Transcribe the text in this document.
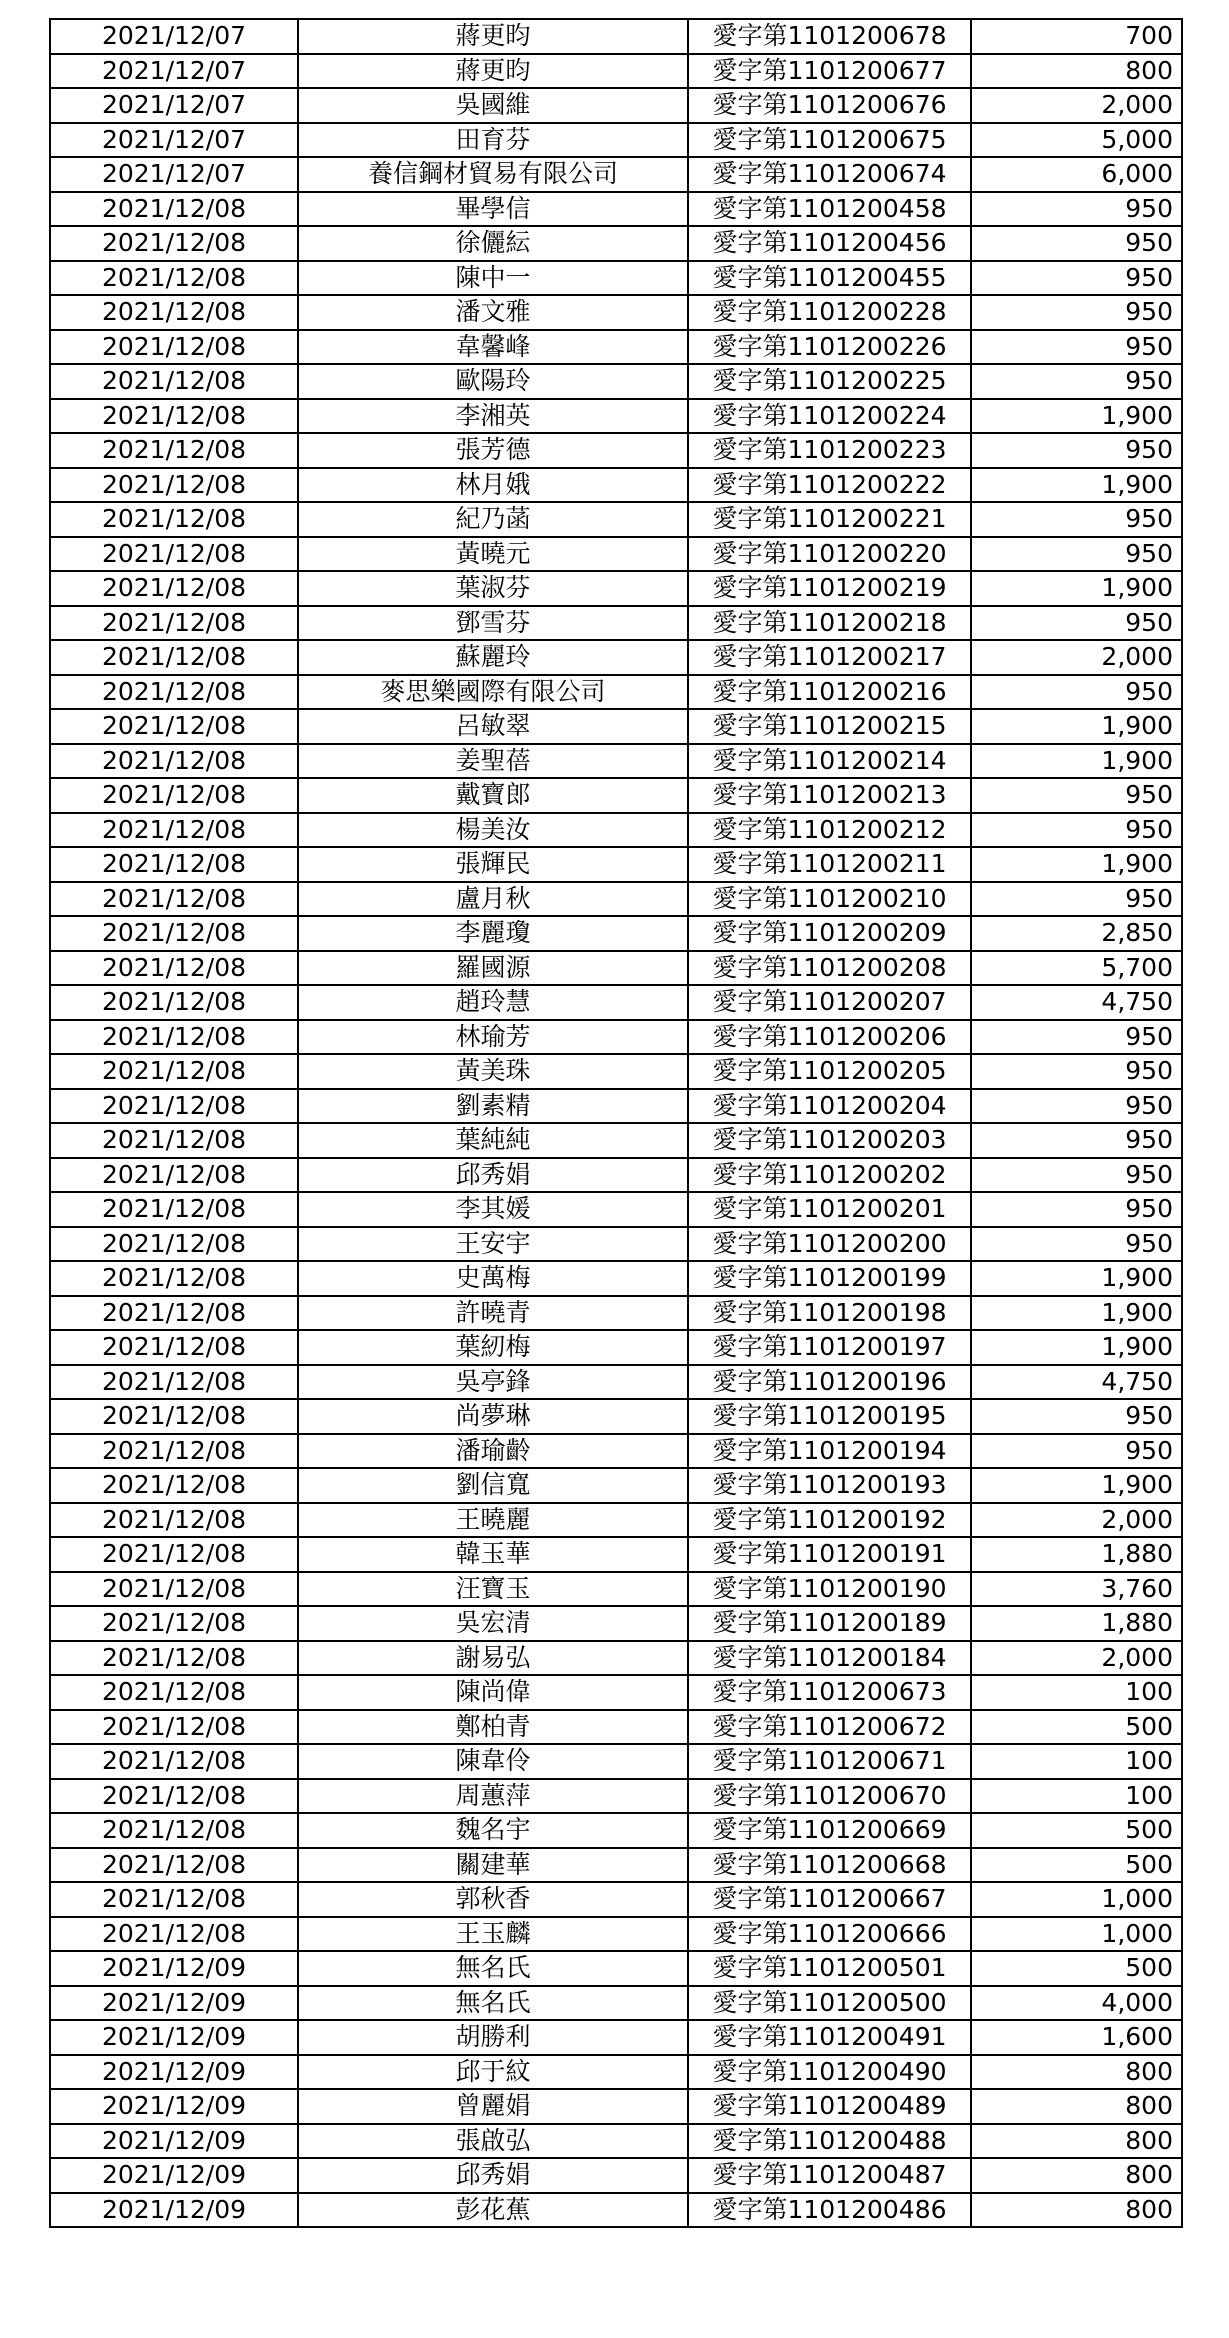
2021/12/07	蔣更昀	愛字第1101200678	700
2021/12/07	蔣更昀	愛字第1101200677	800
2021/12/07	吳國維	愛字第1101200676	2,000
2021/12/07	田育芬	愛字第1101200675	5,000
2021/12/07	養信鋼材貿易有限公司	愛字第1101200674	6,000
2021/12/08	畢學信	愛字第1101200458	950
2021/12/08	徐儷紜	愛字第1101200456	950
2021/12/08	陳中一	愛字第1101200455	950
2021/12/08	潘文雅	愛字第1101200228	950
2021/12/08	韋馨峰	愛字第1101200226	950
2021/12/08	歐陽玲	愛字第1101200225	950
2021/12/08	李湘英	愛字第1101200224	1,900
2021/12/08	張芳德	愛字第1101200223	950
2021/12/08	林月娥	愛字第1101200222	1,900
2021/12/08	紀乃菡	愛字第1101200221	950
2021/12/08	黃曉元	愛字第1101200220	950
2021/12/08	葉淑芬	愛字第1101200219	1,900
2021/12/08	鄧雪芬	愛字第1101200218	950
2021/12/08	蘇麗玲	愛字第1101200217	2,000
2021/12/08	麥思樂國際有限公司	愛字第1101200216	950
2021/12/08	呂敏翠	愛字第1101200215	1,900
2021/12/08	姜聖蓓	愛字第1101200214	1,900
2021/12/08	戴寶郎	愛字第1101200213	950
2021/12/08	楊美汝	愛字第1101200212	950
2021/12/08	張輝民	愛字第1101200211	1,900
2021/12/08	盧月秋	愛字第1101200210	950
2021/12/08	李麗瓊	愛字第1101200209	2,850
2021/12/08	羅國源	愛字第1101200208	5,700
2021/12/08	趙玲慧	愛字第1101200207	4,750
2021/12/08	林瑜芳	愛字第1101200206	950
2021/12/08	黃美珠	愛字第1101200205	950
2021/12/08	劉素精	愛字第1101200204	950
2021/12/08	葉純純	愛字第1101200203	950
2021/12/08	邱秀娟	愛字第1101200202	950
2021/12/08	李其媛	愛字第1101200201	950
2021/12/08	王安宇	愛字第1101200200	950
2021/12/08	史萬梅	愛字第1101200199	1,900
2021/12/08	許曉青	愛字第1101200198	1,900
2021/12/08	葉紉梅	愛字第1101200197	1,900
2021/12/08	吳亭鋒	愛字第1101200196	4,750
2021/12/08	尚夢琳	愛字第1101200195	950
2021/12/08	潘瑜齡	愛字第1101200194	950
2021/12/08	劉信寬	愛字第1101200193	1,900
2021/12/08	王曉麗	愛字第1101200192	2,000
2021/12/08	韓玉華	愛字第1101200191	1,880
2021/12/08	汪寶玉	愛字第1101200190	3,760
2021/12/08	吳宏清	愛字第1101200189	1,880
2021/12/08	謝易弘	愛字第1101200184	2,000
2021/12/08	陳尚偉	愛字第1101200673	100
2021/12/08	鄭柏青	愛字第1101200672	500
2021/12/08	陳韋伶	愛字第1101200671	100
2021/12/08	周蕙萍	愛字第1101200670	100
2021/12/08	魏名宇	愛字第1101200669	500
2021/12/08	關建華	愛字第1101200668	500
2021/12/08	郭秋香	愛字第1101200667	1,000
2021/12/08	王玉麟	愛字第1101200666	1,000
2021/12/09	無名氏	愛字第1101200501	500
2021/12/09	無名氏	愛字第1101200500	4,000
2021/12/09	胡勝利	愛字第1101200491	1,600
2021/12/09	邱于紋	愛字第1101200490	800
2021/12/09	曾麗娟	愛字第1101200489	800
2021/12/09	張啟弘	愛字第1101200488	800
2021/12/09	邱秀娟	愛字第1101200487	800
2021/12/09	彭花蕉	愛字第1101200486	800
